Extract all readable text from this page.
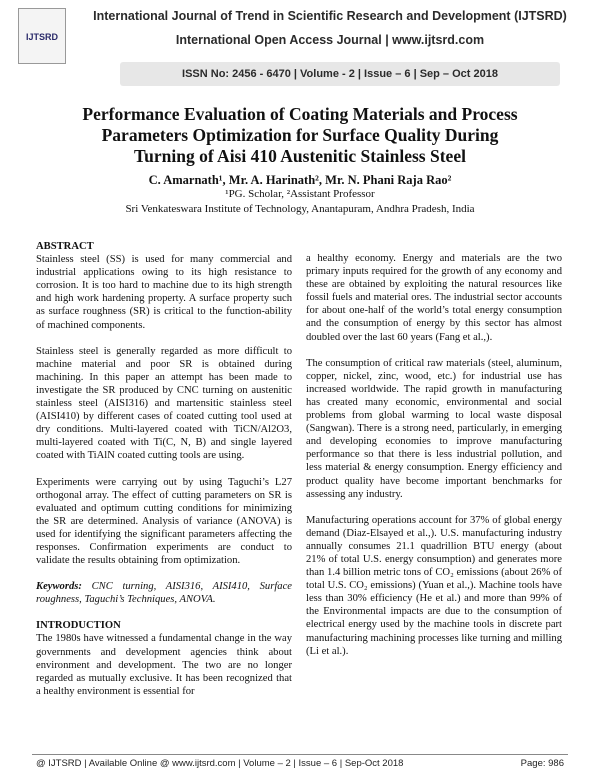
IJTSRD
International Journal of Trend in Scientific Research and Development (IJTSRD)
International Open Access Journal | www.ijtsrd.com
ISSN No: 2456 - 6470 | Volume - 2 | Issue – 6 | Sep – Oct 2018
Performance Evaluation of Coating Materials and Process
Parameters Optimization for Surface Quality During
Turning of Aisi 410 Austenitic Stainless Steel
C. Amarnath¹, Mr. A. Harinath², Mr. N. Phani Raja Rao²
¹PG. Scholar, ²Assistant Professor
Sri Venkateswara Institute of Technology, Anantapuram, Andhra Pradesh, India
ABSTRACT

Stainless steel (SS) is used for many commercial and industrial applications owing to its high resistance to corrosion. It is too hard to machine due to its high strength and high work hardening property. A surface property such as surface roughness (SR) is critical to the function-ability of machined components.

Stainless steel is generally regarded as more difficult to machine material and poor SR is obtained during machining. In this paper an attempt has been made to investigate the SR produced by CNC turning on austenitic stainless steel (AISI316) and martensitic stainless steel (AISI410) by different cases of coated cutting tool used at dry conditions. Multi-layered coated with TiCN/Al2O3, multi-layered coated with Ti(C, N, B) and single layered coated with TiAlN coated cutting tools are using.

Experiments were carrying out by using Taguchi’s L27 orthogonal array. The effect of cutting parameters on SR is evaluated and optimum cutting conditions for minimizing the SR are determined. Analysis of variance (ANOVA) is used for identifying the significant parameters affecting the responses. Confirmation experiments are conduct to validate the results obtaining from optimization.

Keywords: CNC turning, AISI316, AISI410, Surface roughness, Taguchi’s Techniques, ANOVA.

INTRODUCTION

The 1980s have witnessed a fundamental change in the way governments and development agencies think about environment and development. The two are no longer regarded as mutually exclusive. It has been recognized that a healthy environment is essential for

a healthy economy. Energy and materials are the two primary inputs required for the growth of any economy and these are obtained by exploiting the natural resources like fossil fuels and material ores. The industrial sector accounts for about one-half of the world’s total energy consumption and the consumption of energy by this sector has almost doubled over the last 60 years (Fang et al.,).

The consumption of critical raw materials (steel, aluminum, copper, nickel, zinc, wood, etc.) for industrial use has increased worldwide. The rapid growth in manufacturing has created many economic, environmental and social problems from global warming to local waste disposal (Sangwan). There is a strong need, particularly, in emerging and developing economies to improve manufacturing performance so that there is less industrial pollution, and less material & energy consumption. Energy efficiency and product quality have become important benchmarks for assessing any industry.

Manufacturing operations account for 37% of global energy demand (Diaz-Elsayed et al.,). U.S. manufacturing industry annually consumes 21.1 quadrillion BTU energy (about 21% of total U.S. energy consumption) and generates more than 1.4 billion metric tons of CO₂ emissions (about 26% of total U.S. CO₂ emissions) (Yuan et al.,). Machine tools have less than 30% efficiency (He et al.) and more than 99% of the Environmental impacts are due to the consumption of electrical energy used by the machine tools in discrete part manufacturing machining processes like turning and milling (Li et al.).

@ IJTSRD | Available Online @ www.ijtsrd.com | Volume – 2 | Issue – 6 | Sep-Oct 2018	Page: 986
